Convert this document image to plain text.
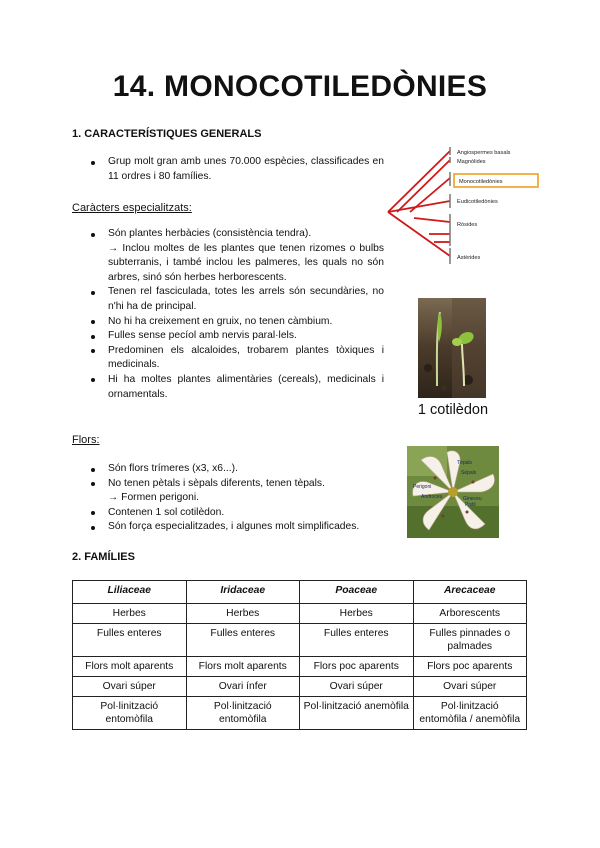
14. MONOCOTILEDÒNIES
1. CARACTERÍSTIQUES GENERALS
Grup molt gran amb unes 70.000 espècies, classificades en 11 ordres i 80 famílies.
Caràcters especialitzats:
Són plantes herbàcies (consistència tendra).
→ Inclou moltes de les plantes que tenen rizomes o bulbs subterranis, i també inclou les palmeres, les quals no són arbres, sinó són herbes herborescents.
Tenen rel fasciculada, totes les arrels són secundàries, no n'hi ha de principal.
No hi ha creixement en gruix, no tenen càmbium.
Fulles sense pecíol amb nervis paral·lels.
Predominen els alcaloides, trobarem plantes tòxiques i medicinals.
Hi ha moltes plantes alimentàries (cereals), medicinals i ornamentals.
Flors:
Són flors trímeres (x3, x6...).
No tenen pètals i sèpals diferents, tenen tèpals.
→ Formen perigoni.
Contenen 1 sol cotilèdon.
Són força especialitzades, i algunes molt simplificades.
Angiospermes basals
Magnòlides
Monocotiledònies
Eudicotiledònies
Ròsides
Astèrides
1 cotilèdon
Tèpals
Sèpals
Perigoni
Androceu	Gineceu
Pistil
2. FAMÍLIES
Liliaceae	Iridaceae	Poaceae	Arecaceae
Herbes	Herbes	Herbes	Arborescents
Fulles enteres	Fulles enteres	Fulles enteres	Fulles pinnades o palmades
Flors molt aparents	Flors molt aparents	Flors poc aparents	Flors poc aparents
Ovari súper	Ovari ínfer	Ovari súper	Ovari súper
Pol·linització entomòfila	Pol·linització entomòfila	Pol·linització anemòfila	Pol·linització entomòfila / anemòfila
